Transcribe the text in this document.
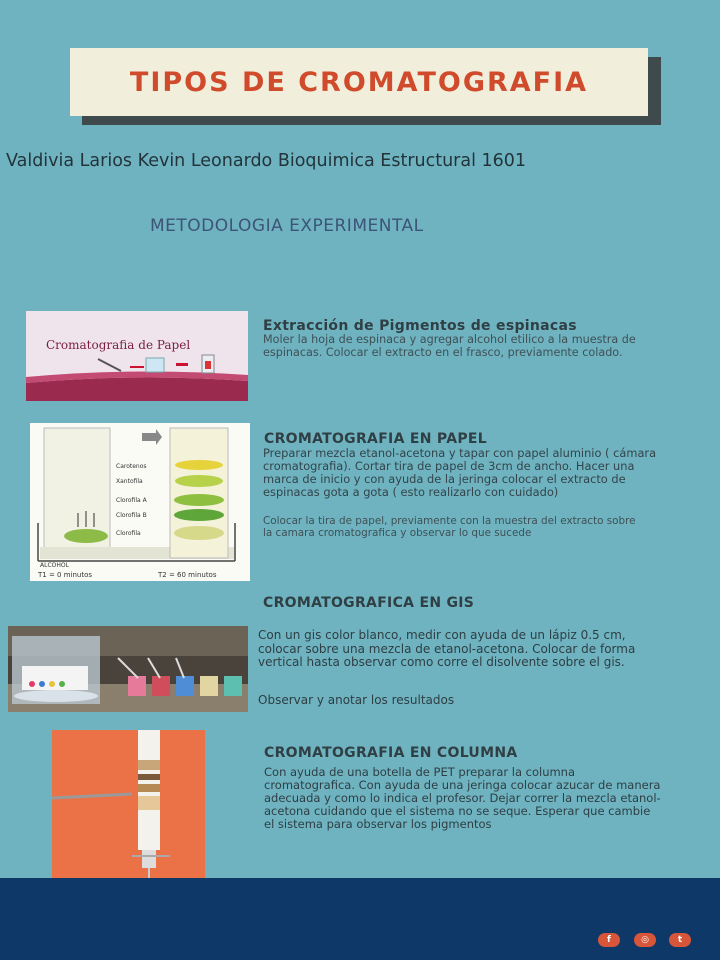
TIPOS DE CROMATOGRAFIA
Valdivia Larios Kevin Leonardo Bioquimica Estructural 1601
METODOLOGIA EXPERIMENTAL
Cromatografia de Papel
Extracción de Pigmentos de espinacas
Moler la hoja de espinaca y agregar alcohol etilico a la muestra de espinacas. Colocar el extracto en el frasco, previamente colado.
Carotenos
Xantofila
Clorofila A
Clorofila B
Clorofila
ALCOHOL
T1 = 0 minutos	T2 = 60 minutos
CROMATOGRAFIA EN PAPEL
Preparar mezcla etanol-acetona y tapar con papel aluminio ( cámara cromatografia). Cortar tira de papel de 3cm de ancho. Hacer una marca de inicio y con ayuda de la jeringa colocar el extracto de espinacas gota a gota ( esto realizarlo con cuidado)
Colocar la tira de papel, previamente con la muestra del extracto sobre la camara cromatografica y observar lo que sucede
CROMATOGRAFICA EN GIS
Con un gis color blanco, medir con ayuda de un lápiz 0.5 cm, colocar sobre una mezcla de etanol-acetona. Colocar de forma vertical hasta observar como corre el disolvente sobre el gis.
Observar y anotar los resultados
CROMATOGRAFIA EN COLUMNA
Con ayuda de una botella de PET preparar la columna cromatografica. Con ayuda de una jeringa colocar azucar de manera adecuada y como lo indica el profesor. Dejar correr la mezcla etanol-acetona cuidando que el sistema no se seque. Esperar que cambie el sistema para observar los pigmentos
f	◎	t
